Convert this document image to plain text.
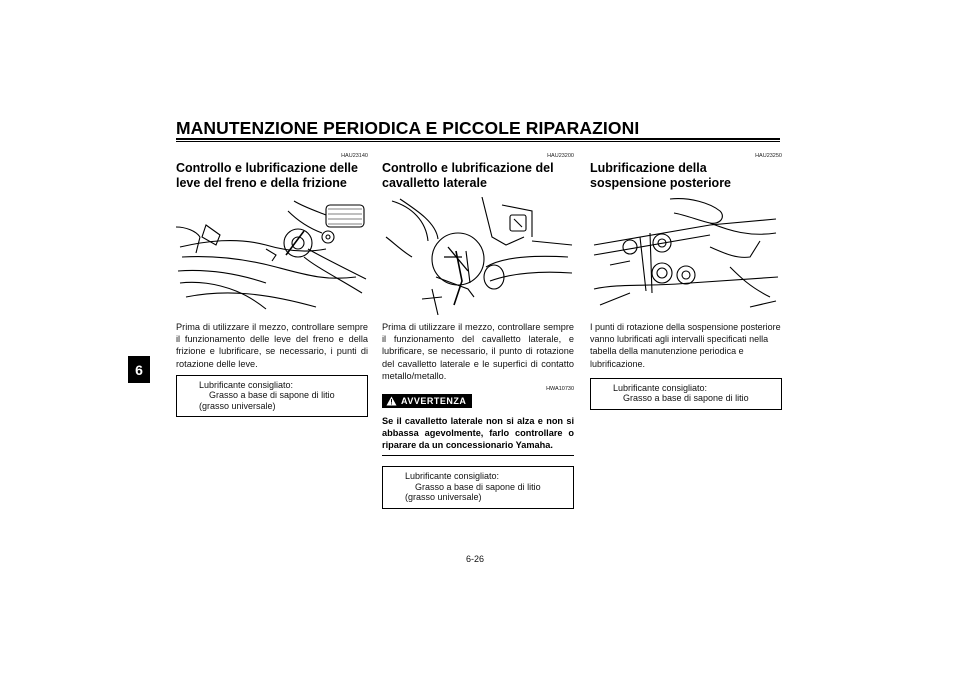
MANUTENZIONE PERIODICA E PICCOLE RIPARAZIONI
6
HAU23140
Controllo e lubrificazione delle leve del freno e della frizione
Prima di utilizzare il mezzo, controllare sempre il funzionamento delle leve del freno e della frizione e lubrificare, se necessario, i punti di rotazione delle leve.
Lubrificante consigliato:
Grasso a base di sapone di litio
(grasso universale)
HAU23200
Controllo e lubrificazione del cavalletto laterale
Prima di utilizzare il mezzo, controllare sempre il funzionamento del cavalletto laterale, e lubrificare, se necessario, il punto di rotazione del cavalletto laterale e le superfici di contatto metallo/metallo.
HWA10730
AVVERTENZA
Se il cavalletto laterale non si alza e non si abbassa agevolmente, farlo controllare o riparare da un concessionario Yamaha.
Lubrificante consigliato:
Grasso a base di sapone di litio
(grasso universale)
HAU23250
Lubrificazione della sospensione posteriore
I punti di rotazione della sospensione posteriore vanno lubrificati agli intervalli specificati nella tabella della manutenzione periodica e lubrificazione.
Lubrificante consigliato:
Grasso a base di sapone di litio
6-26
